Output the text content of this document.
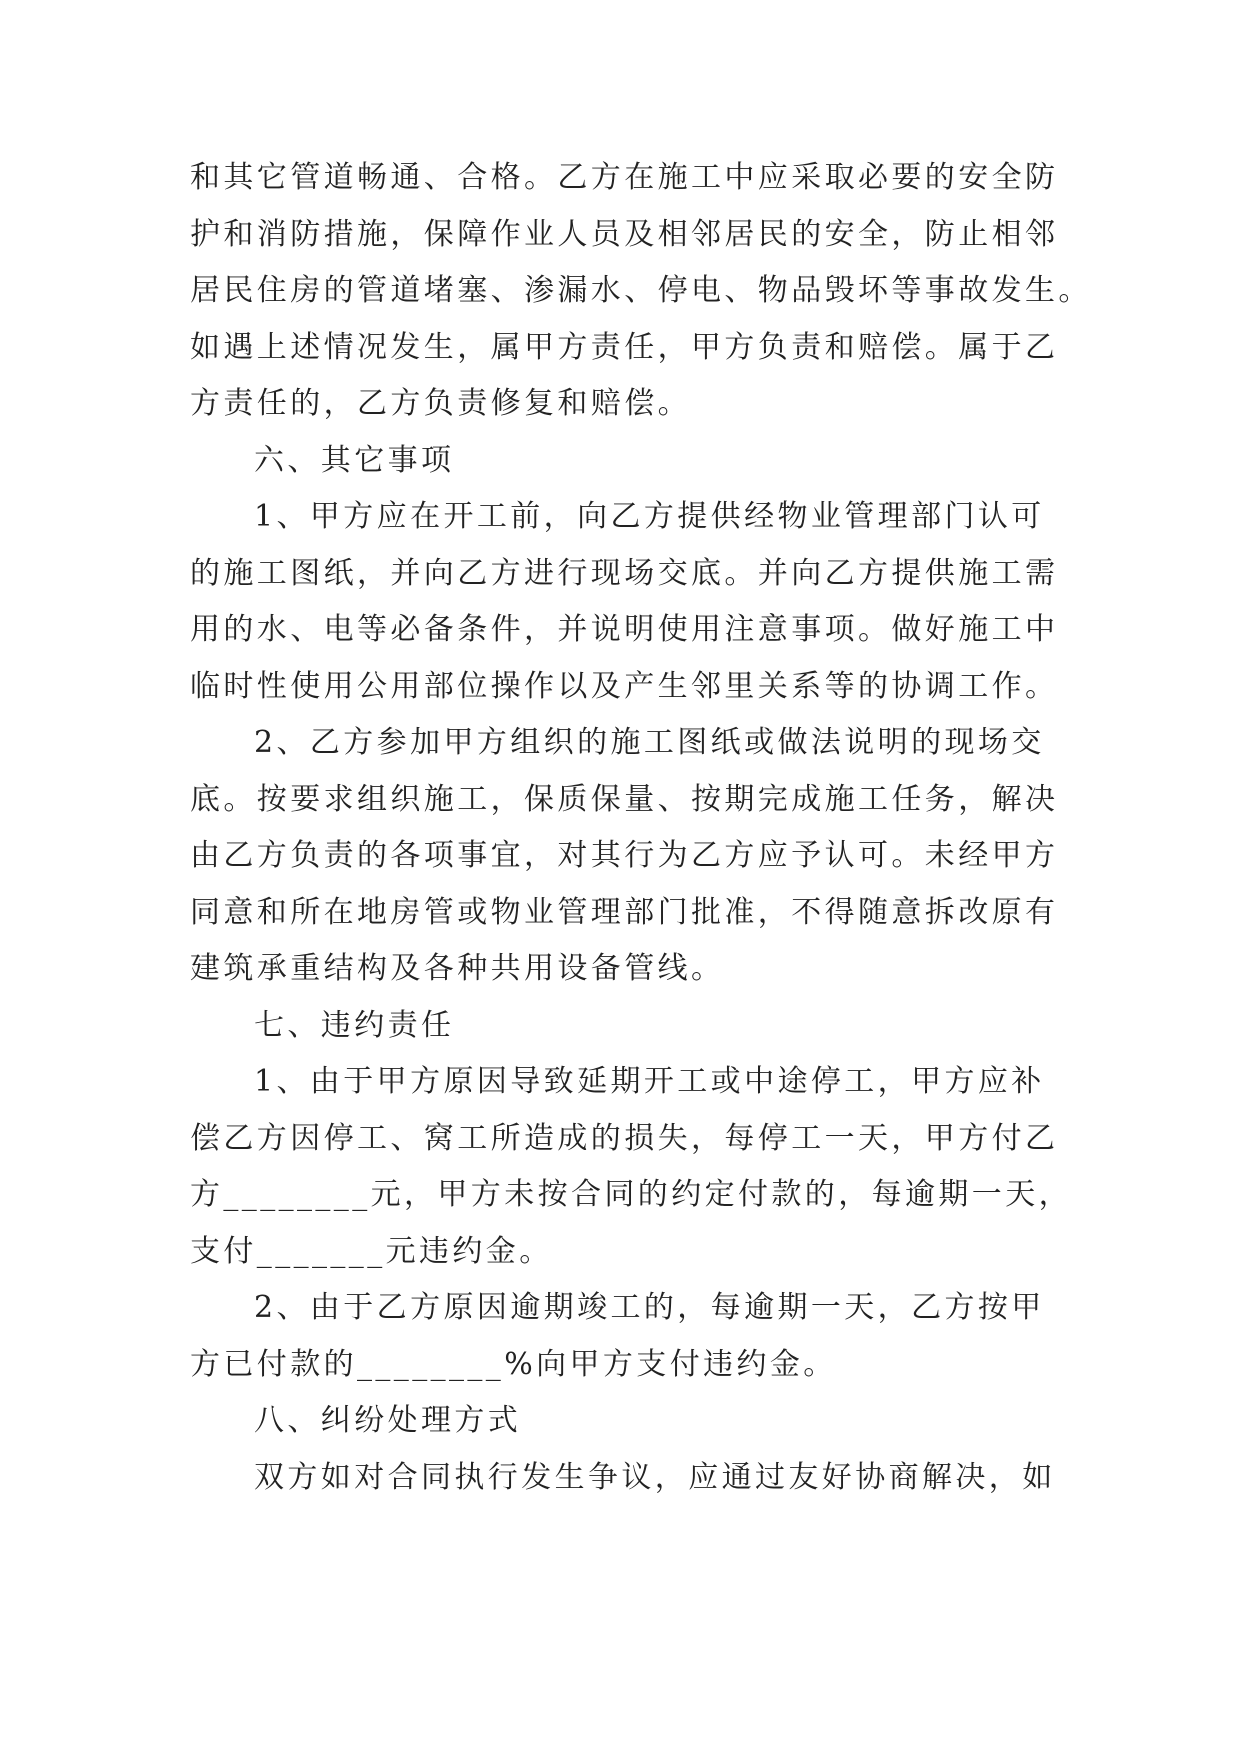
和其它管道畅通、合格。乙方在施工中应采取必要的安全防
护和消防措施，保障作业人员及相邻居民的安全，防止相邻
居民住房的管道堵塞、渗漏水、停电、物品毁坏等事故发生。
如遇上述情况发生，属甲方责任，甲方负责和赔偿。属于乙
方责任的，乙方负责修复和赔偿。
六、其它事项
1、甲方应在开工前，向乙方提供经物业管理部门认可
的施工图纸，并向乙方进行现场交底。并向乙方提供施工需
用的水、电等必备条件，并说明使用注意事项。做好施工中
临时性使用公用部位操作以及产生邻里关系等的协调工作。
2、乙方参加甲方组织的施工图纸或做法说明的现场交
底。按要求组织施工，保质保量、按期完成施工任务，解决
由乙方负责的各项事宜，对其行为乙方应予认可。未经甲方
同意和所在地房管或物业管理部门批准，不得随意拆改原有
建筑承重结构及各种共用设备管线。
七、违约责任
1、由于甲方原因导致延期开工或中途停工，甲方应补
偿乙方因停工、窝工所造成的损失，每停工一天，甲方付乙
方________元，甲方未按合同的约定付款的，每逾期一天，
支付_______元违约金。
2、由于乙方原因逾期竣工的，每逾期一天，乙方按甲
方已付款的________%向甲方支付违约金。
八、纠纷处理方式
双方如对合同执行发生争议，应通过友好协商解决，如
